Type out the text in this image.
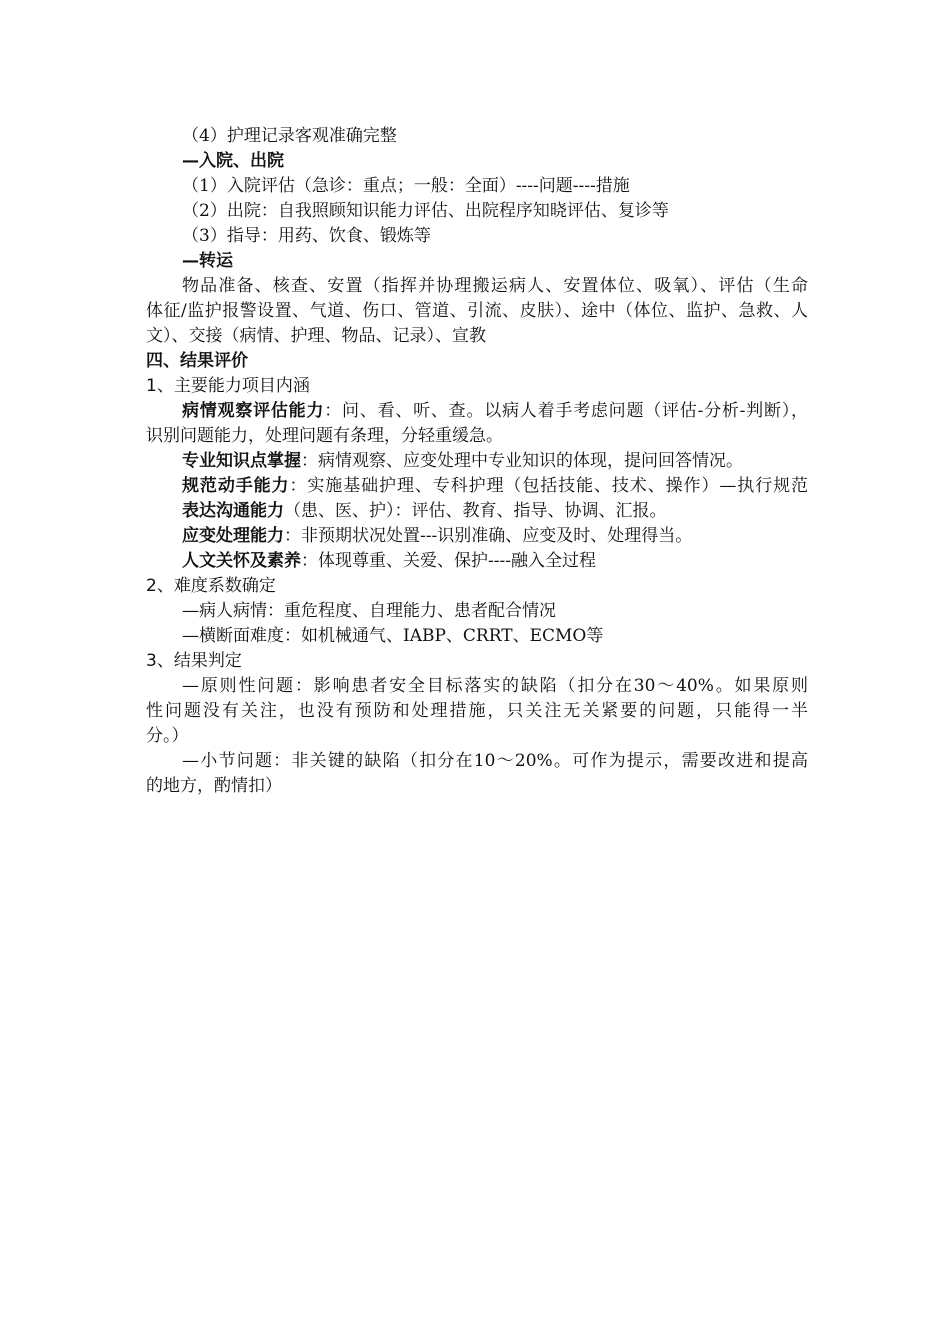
（4）护理记录客观准确完整
—入院、出院
（1）入院评估（急诊：重点；一般：全面）----问题----措施
（2）出院：自我照顾知识能力评估、出院程序知晓评估、复诊等
（3）指导：用药、饮食、锻炼等
—转运
物品准备、核查、安置（指挥并协理搬运病人、安置体位、吸氧）、评估（生命
体征/监护报警设置、气道、伤口、管道、引流、皮肤）、途中（体位、监护、急救、人
文）、交接（病情、护理、物品、记录）、宣教
四、结果评价
1、主要能力项目内涵
病情观察评估能力：问、看、听、查。以病人着手考虑问题（评估-分析-判断），
识别问题能力，处理问题有条理，分轻重缓急。
专业知识点掌握：病情观察、应变处理中专业知识的体现，提问回答情况。
规范动手能力：实施基础护理、专科护理（包括技能、技术、操作）—执行规范
表达沟通能力（患、医、护）：评估、教育、指导、协调、汇报。
应变处理能力：非预期状况处置---识别准确、应变及时、处理得当。
人文关怀及素养：体现尊重、关爱、保护----融入全过程
2、难度系数确定
—病人病情：重危程度、自理能力、患者配合情况
—横断面难度：如机械通气、IABP、CRRT、ECMO等
3、结果判定
—原则性问题：影响患者安全目标落实的缺陷（扣分在30～40%。如果原则
性问题没有关注，也没有预防和处理措施，只关注无关紧要的问题，只能得一半
分。）
—小节问题：非关键的缺陷（扣分在10～20%。可作为提示，需要改进和提高
的地方，酌情扣）
